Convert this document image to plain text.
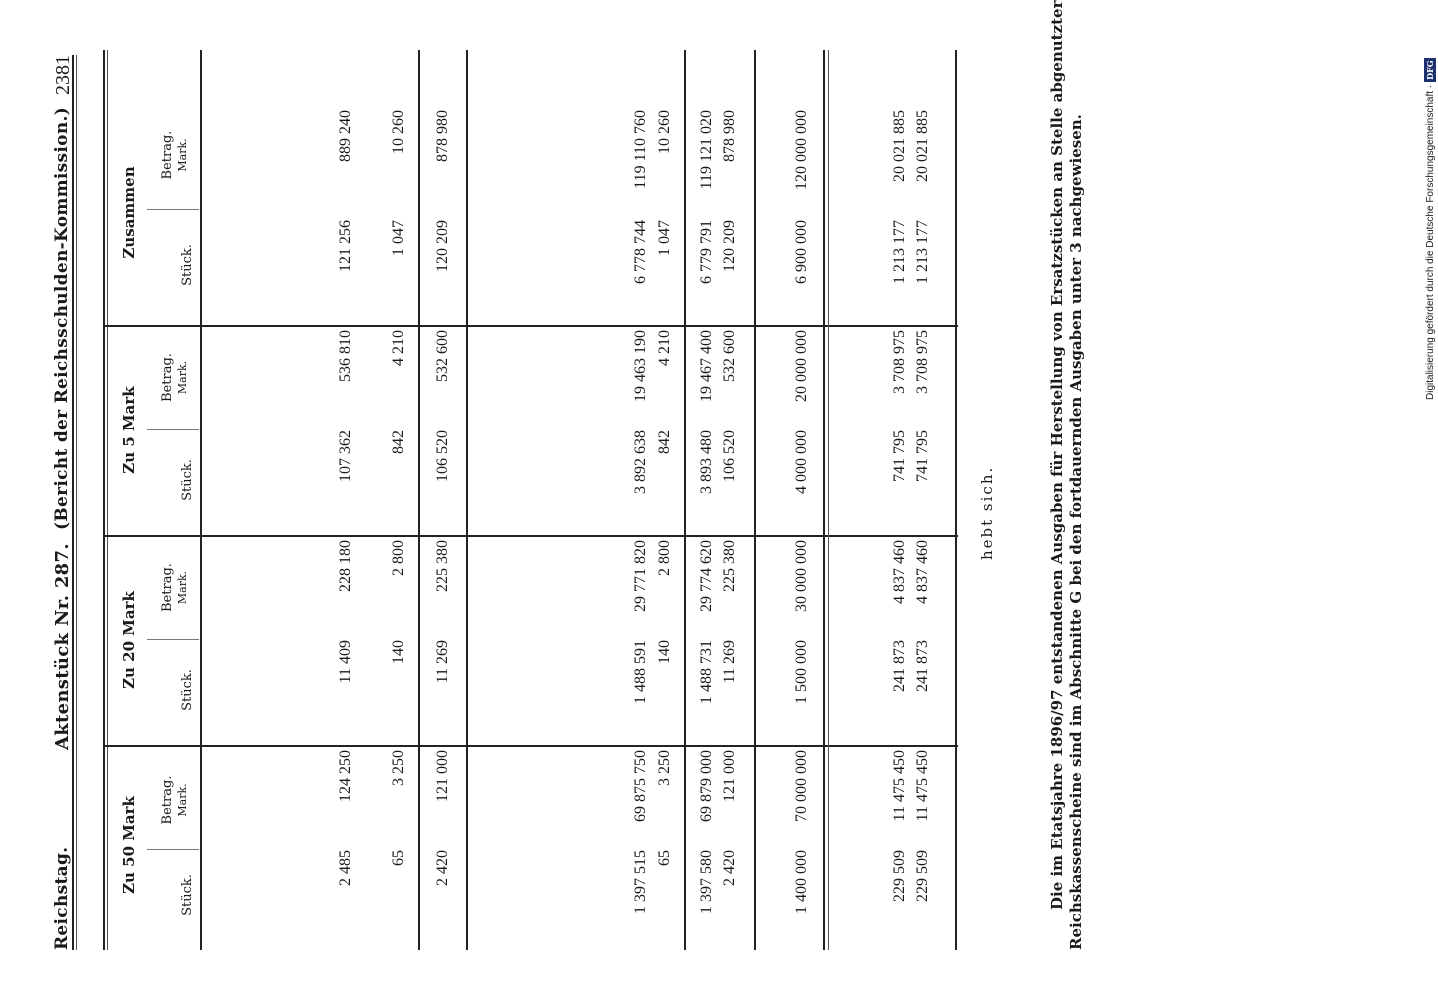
Reichstag.
Aktenstück Nr. 287.
(Bericht der Reichsschulden-Kommission.)
2381
Zu 50 Mark
Zu 20 Mark
Zu 5 Mark
Zusammen
Stück.
Betrag. Mark.
Stück.
Betrag. Mark.
Stück.
Betrag. Mark.
Stück.
Betrag. Mark.
2 485
124 250
11 409
228 180
107 362
536 810
121 256
889 240
65
3 250
140
2 800
842
4 210
1 047
10 260
2 420
121 000
11 269
225 380
106 520
532 600
120 209
878 980
1 397 515
69 875 750
1 488 591
29 771 820
3 892 638
19 463 190
6 778 744
119 110 760
65
3 250
140
2 800
842
4 210
1 047
10 260
1 397 580
69 879 000
1 488 731
29 774 620
3 893 480
19 467 400
6 779 791
119 121 020
2 420
121 000
11 269
225 380
106 520
532 600
120 209
878 980
1 400 000
70 000 000
1 500 000
30 000 000
4 000 000
20 000 000
6 900 000
120 000 000
229 509
11 475 450
241 873
4 837 460
741 795
3 708 975
1 213 177
20 021 885
229 509
11 475 450
241 873
4 837 460
741 795
3 708 975
1 213 177
20 021 885
hebt sich.	Die im Etatsjahre 1896/97 entstandenen Ausgaben für Herstellung von Ersatzstücken an Stelle abgenutzter Reichskassenscheine sind im Abschnitte G bei den fortdauernden Ausgaben unter 3 nachgewiesen.	Digitalisierung gefördert durch die Deutsche Forschungsgemeinschaft ·DFG
